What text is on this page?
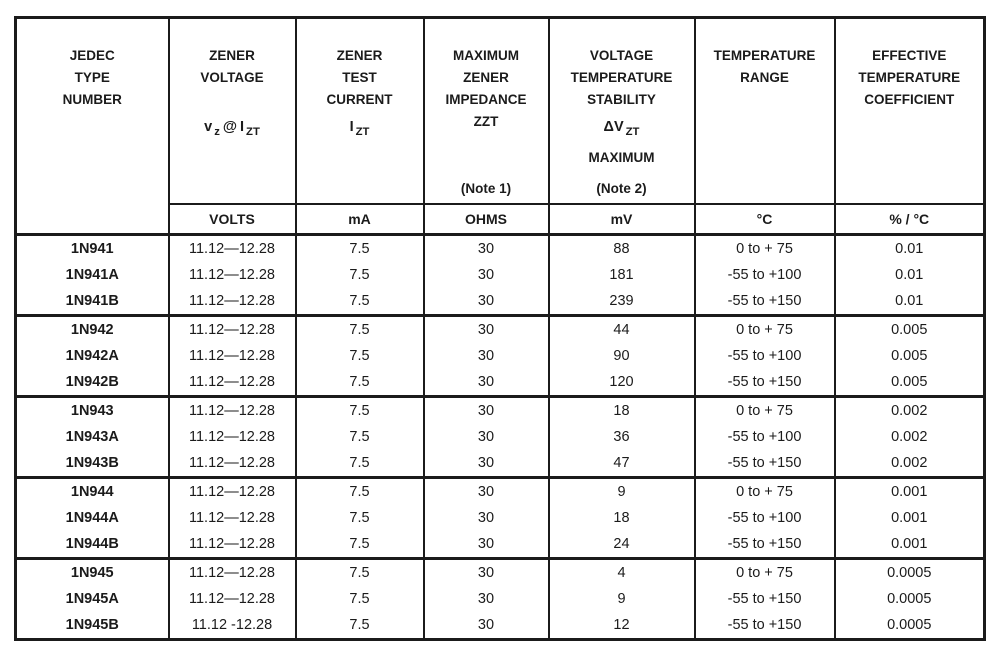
JEDEC
TYPE
NUMBER

ZENER
VOLTAGE
v $_z$ @ I $_{ZT}$

ZENER
TEST
CURRENT
I $_{ZT}$

MAXIMUM
ZENER
IMPEDANCE
ZZT
(Note 1)

VOLTAGE
TEMPERATURE
STABILITY
ΔV $_{ZT}$
MAXIMUM
(Note 2)

TEMPERATURE
RANGE

EFFECTIVE
TEMPERATURE
COEFFICIENT

	VOLTS	mA	OHMS	mV	°C	% / °C
1N941	11.12—12.28	7.5	30	88	0 to + 75	0.01
1N941A	11.12—12.28	7.5	30	181	-55 to +100	0.01
1N941B	11.12—12.28	7.5	30	239	-55 to +150	0.01
1N942	11.12—12.28	7.5	30	44	0 to + 75	0.005
1N942A	11.12—12.28	7.5	30	90	-55 to +100	0.005
1N942B	11.12—12.28	7.5	30	120	-55 to +150	0.005
1N943	11.12—12.28	7.5	30	18	0 to + 75	0.002
1N943A	11.12—12.28	7.5	30	36	-55 to +100	0.002
1N943B	11.12—12.28	7.5	30	47	-55 to +150	0.002
1N944	11.12—12.28	7.5	30	9	0 to + 75	0.001
1N944A	11.12—12.28	7.5	30	18	-55 to +100	0.001
1N944B	11.12—12.28	7.5	30	24	-55 to +150	0.001
1N945	11.12—12.28	7.5	30	4	0 to + 75	0.0005
1N945A	11.12—12.28	7.5	30	9	-55 to +150	0.0005
1N945B	11.12 -12.28	7.5	30	12	-55 to +150	0.0005
